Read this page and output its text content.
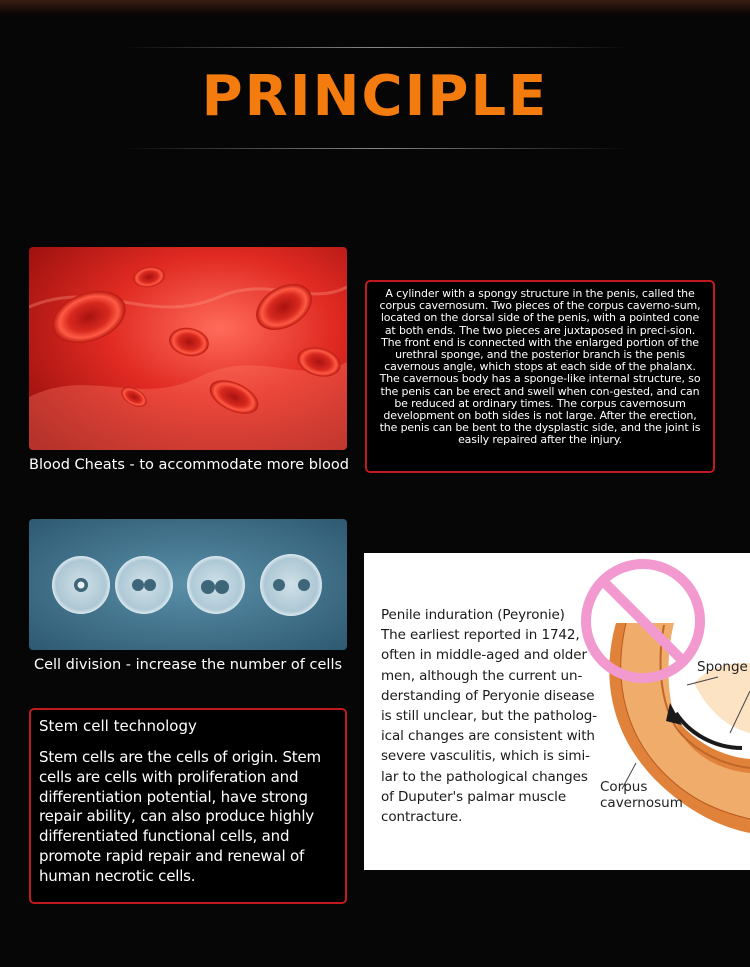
PRINCIPLE
Blood Cheats - to accommodate more blood
A cylinder with a spongy structure in the penis, called the corpus cavernosum. Two pieces of the corpus caverno-sum, located on the dorsal side of the penis, with a pointed cone at both ends. The two pieces are juxtaposed in preci-sion. The front end is connected with the enlarged portion of the urethral sponge, and the posterior branch is the penis cavernous angle, which stops at each side of the phalanx. The cavernous body has a sponge-like internal structure, so the penis can be erect and swell when con-gested, and can be reduced at ordinary times. The corpus cavernosum development on both sides is not large. After the erection, the penis can be bent to the dysplastic side, and the joint is easily repaired after the injury.
Cell division - increase the number of cells
Stem cell technology
Stem cells are the cells of origin. Stem cells are cells with proliferation and differentiation potential, have strong repair ability, can also produce highly differentiated functional cells, and promote rapid repair and renewal of human necrotic cells.
Penile induration (Peyronie)
The earliest reported in 1742, often in middle-aged and older men, although the current un-derstanding of Peryonie disease is still unclear, but the patholog-ical changes are consistent with severe vasculitis, which is simi-lar to the pathological changes of Duputer's palmar muscle contracture.
Sponge
Corpus
cavernosum
